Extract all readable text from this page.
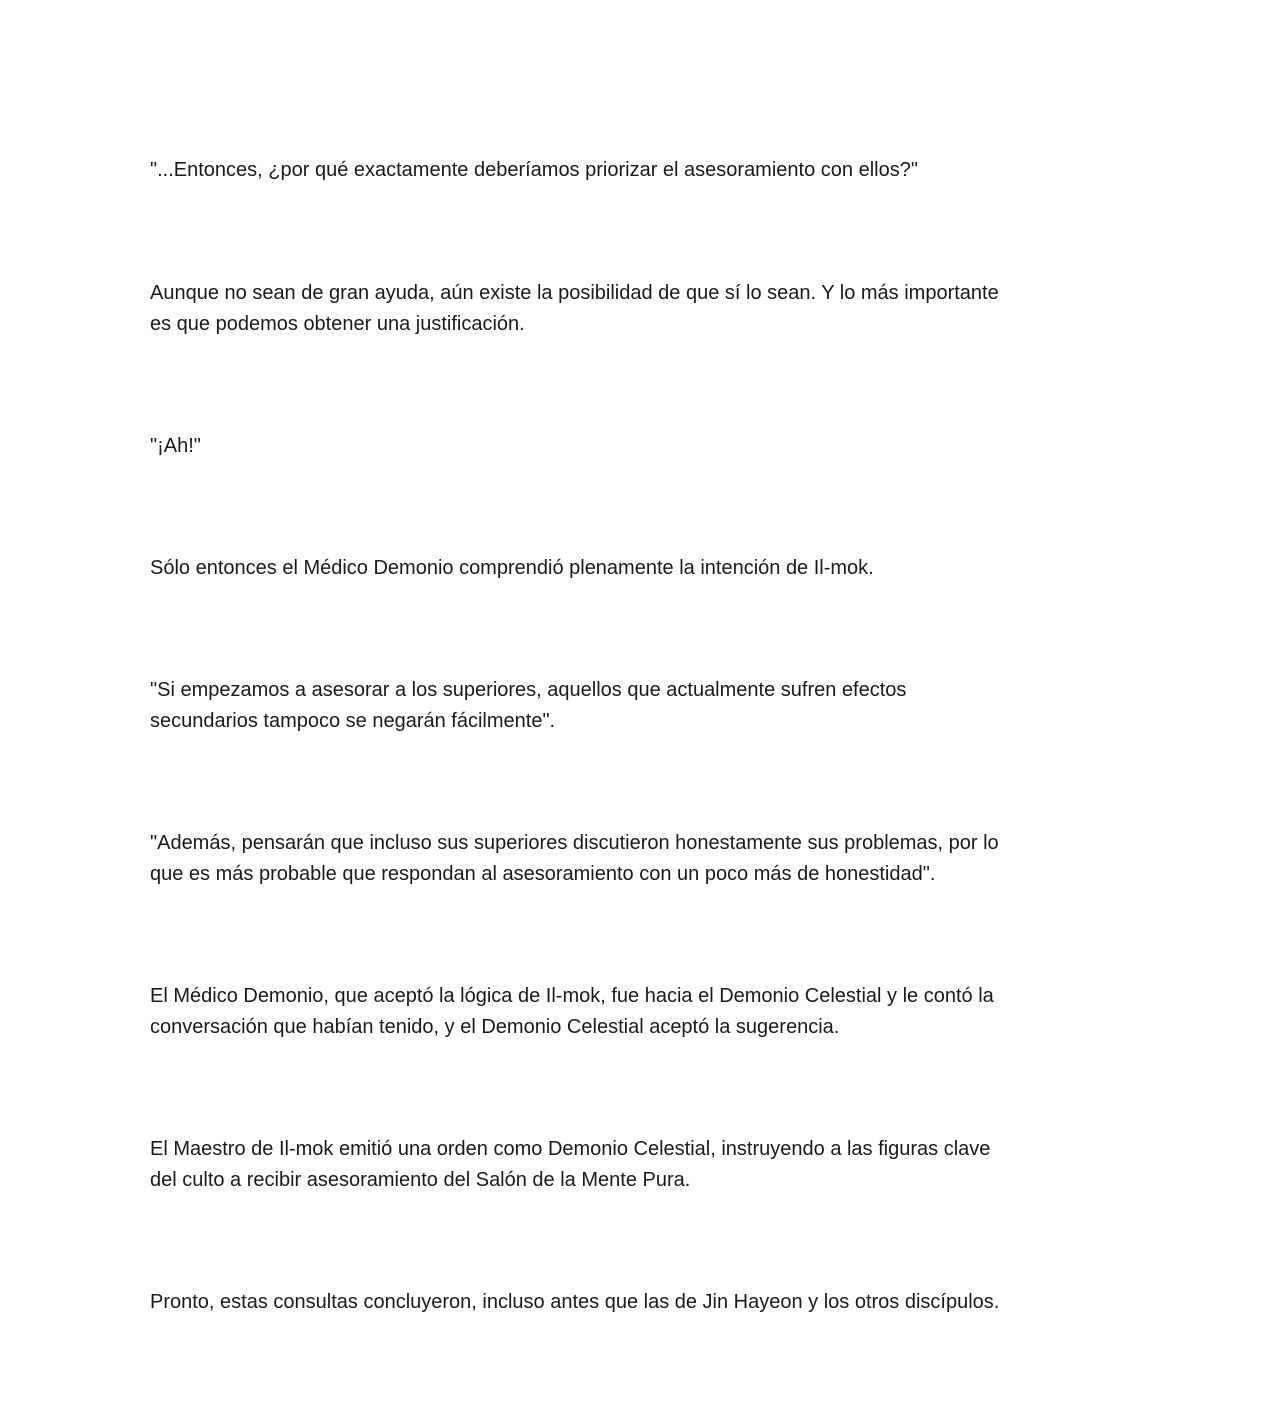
"...Entonces, ¿por qué exactamente deberíamos priorizar el asesoramiento con ellos?"

Aunque no sean de gran ayuda, aún existe la posibilidad de que sí lo sean. Y lo más importante
es que podemos obtener una justificación.

"¡Ah!"

Sólo entonces el Médico Demonio comprendió plenamente la intención de Il-mok.

"Si empezamos a asesorar a los superiores, aquellos que actualmente sufren efectos
secundarios tampoco se negarán fácilmente".

"Además, pensarán que incluso sus superiores discutieron honestamente sus problemas, por lo
que es más probable que respondan al asesoramiento con un poco más de honestidad".

El Médico Demonio, que aceptó la lógica de Il-mok, fue hacia el Demonio Celestial y le contó la
conversación que habían tenido, y el Demonio Celestial aceptó la sugerencia.

El Maestro de Il-mok emitió una orden como Demonio Celestial, instruyendo a las figuras clave
del culto a recibir asesoramiento del Salón de la Mente Pura.

Pronto, estas consultas concluyeron, incluso antes que las de Jin Hayeon y los otros discípulos.
